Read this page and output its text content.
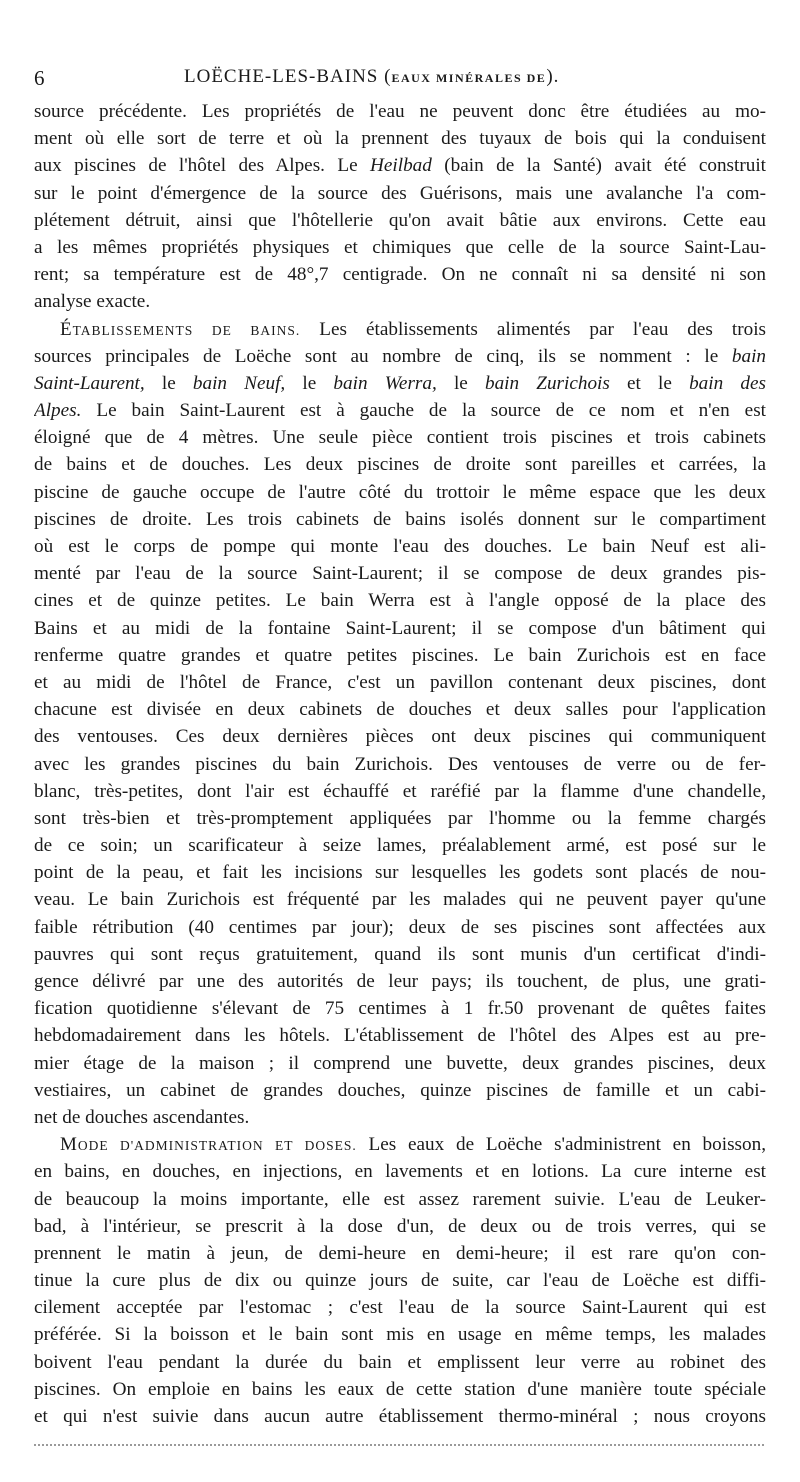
6	LOËCHE-LES-BAINS (EAUX MINÉRALES DE).
source précédente. Les propriétés de l'eau ne peuvent donc être étudiées au mo-
ment où elle sort de terre et où la prennent des tuyaux de bois qui la conduisent
aux piscines de l'hôtel des Alpes. Le Heilbad (bain de la Santé) avait été construit
sur le point d'émergence de la source des Guérisons, mais une avalanche l'a com-
plétement détruit, ainsi que l'hôtellerie qu'on avait bâtie aux environs. Cette eau
a les mêmes propriétés physiques et chimiques que celle de la source Saint-Lau-
rent; sa température est de 48°,7 centigrade. On ne connaît ni sa densité ni son
analyse exacte.
ÉTABLISSEMENTS DE BAINS. Les établissements alimentés par l'eau des trois
sources principales de Loëche sont au nombre de cinq, ils se nomment : le bain
Saint-Laurent, le bain Neuf, le bain Werra, le bain Zurichois et le bain des
Alpes. Le bain Saint-Laurent est à gauche de la source de ce nom et n'en est
éloigné que de 4 mètres. Une seule pièce contient trois piscines et trois cabinets
de bains et de douches. Les deux piscines de droite sont pareilles et carrées, la
piscine de gauche occupe de l'autre côté du trottoir le même espace que les deux
piscines de droite. Les trois cabinets de bains isolés donnent sur le compartiment
où est le corps de pompe qui monte l'eau des douches. Le bain Neuf est ali-
menté par l'eau de la source Saint-Laurent; il se compose de deux grandes pis-
cines et de quinze petites. Le bain Werra est à l'angle opposé de la place des
Bains et au midi de la fontaine Saint-Laurent; il se compose d'un bâtiment qui
renferme quatre grandes et quatre petites piscines. Le bain Zurichois est en face
et au midi de l'hôtel de France, c'est un pavillon contenant deux piscines, dont
chacune est divisée en deux cabinets de douches et deux salles pour l'application
des ventouses. Ces deux dernières pièces ont deux piscines qui communiquent
avec les grandes piscines du bain Zurichois. Des ventouses de verre ou de fer-
blanc, très-petites, dont l'air est échauffé et raréfié par la flamme d'une chandelle,
sont très-bien et très-promptement appliquées par l'homme ou la femme chargés
de ce soin; un scarificateur à seize lames, préalablement armé, est posé sur le
point de la peau, et fait les incisions sur lesquelles les godets sont placés de nou-
veau. Le bain Zurichois est fréquenté par les malades qui ne peuvent payer qu'une
faible rétribution (40 centimes par jour); deux de ses piscines sont affectées aux
pauvres qui sont reçus gratuitement, quand ils sont munis d'un certificat d'indi-
gence délivré par une des autorités de leur pays; ils touchent, de plus, une grati-
fication quotidienne s'élevant de 75 centimes à 1 fr.50 provenant de quêtes faites
hebdomadairement dans les hôtels. L'établissement de l'hôtel des Alpes est au pre-
mier étage de la maison ; il comprend une buvette, deux grandes piscines, deux
vestiaires, un cabinet de grandes douches, quinze piscines de famille et un cabi-
net de douches ascendantes.
MODE D'ADMINISTRATION ET DOSES. Les eaux de Loëche s'administrent en boisson,
en bains, en douches, en injections, en lavements et en lotions. La cure interne est
de beaucoup la moins importante, elle est assez rarement suivie. L'eau de Leuker-
bad, à l'intérieur, se prescrit à la dose d'un, de deux ou de trois verres, qui se
prennent le matin à jeun, de demi-heure en demi-heure; il est rare qu'on con-
tinue la cure plus de dix ou quinze jours de suite, car l'eau de Loëche est diffi-
cilement acceptée par l'estomac ; c'est l'eau de la source Saint-Laurent qui est
préférée. Si la boisson et le bain sont mis en usage en même temps, les malades
boivent l'eau pendant la durée du bain et emplissent leur verre au robinet des
piscines. On emploie en bains les eaux de cette station d'une manière toute spéciale
et qui n'est suivie dans aucun autre établissement thermo-minéral ; nous croyons
